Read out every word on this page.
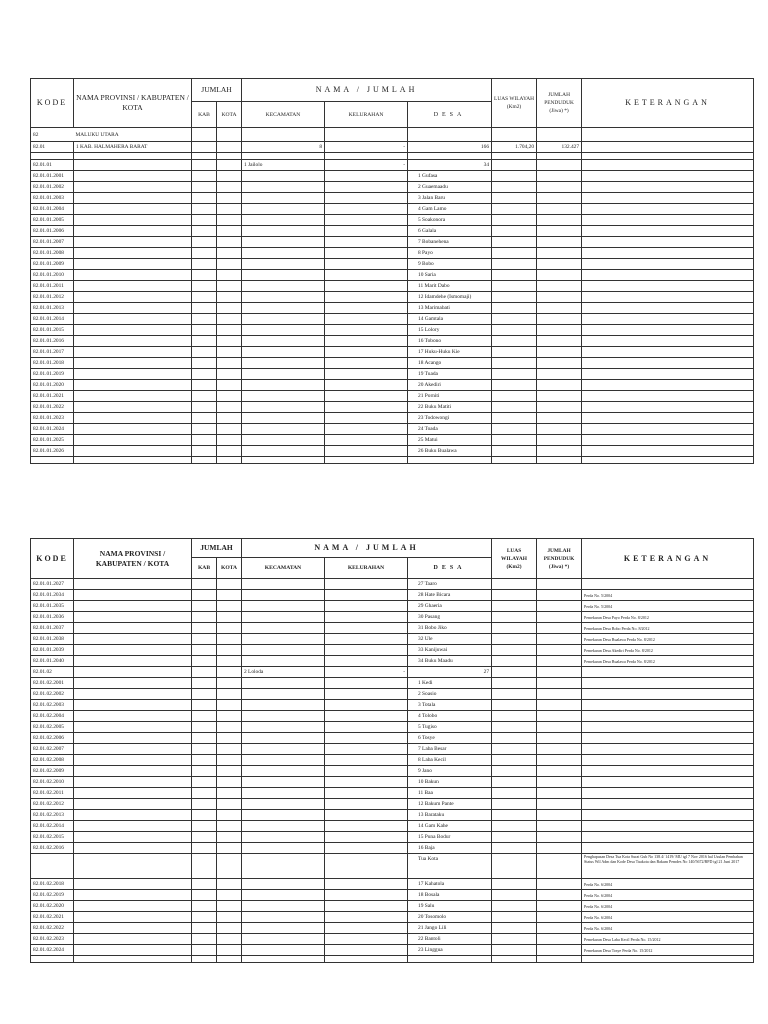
KODE	NAMA PROVINSI / KABUPATEN / KOTA	JUMLAH		NAMA / JUMLAH			LUAS WILAYAH (Km2)	JUMLAH PENDUDUK (Jiwa) *)	KETERANGAN
		KAB	KOTA	KECAMATAN	KELURAHAN	DESA			
82	MALUKU UTARA								
82.01	1 KAB. HALMAHERA BARAT			8	-	166	1.704,20	132.427	

82.01.01				1 Jailolo	-	34			
82.01.01.2001						1 Gufasa			
82.01.01.2002						2 Guaemaadu			
82.01.01.2003						3 Jalan Baru			
82.01.01.2004						4 Gam Lamo			
82.01.01.2005						5 Soakonora			
82.01.01.2006						6 Galala			
82.01.01.2007						7 Bobanehena			
82.01.01.2008						8 Payo			
82.01.01.2009						9 Bobo			
82.01.01.2010						10 Saria			
82.01.01.2011						11 Marit Dabo			
82.01.01.2012						12 Idamdehe (Ismomaji)			
82.01.01.2013						13 Marimabati			
82.01.01.2014						14 Gamtala			
82.01.01.2015						15 Lolory			
82.01.01.2016						16 Tobono			
82.01.01.2017						17 Huku-Huku Kie			
82.01.01.2018						18 Acango			
82.01.01.2019						19 Tuada			
82.01.01.2020						20 Akediri			
82.01.01.2021						21 Porniti			
82.01.01.2022						22 Buku Matiti			
82.01.01.2023						23 Todowongi			
82.01.01.2024						24 Toada			
82.01.01.2025						25 Matui			
82.01.01.2026						26 Buku Bualawa			

KODE	NAMA PROVINSI / KABUPATEN / KOTA	JUMLAH		NAMA / JUMLAH			LUAS WILAYAH (Km2)	JUMLAH PENDUDUK (Jiwa) *)	KETERANGAN
		KAB	KOTA	KECAMATAN	KELURAHAN	DESA			
82.01.01.2027						27 Taaro			
82.01.01.2034						28 Hate Bicara			Perda No. 5/2004
82.01.01.2035						29 Ghaeria			Perda No. 5/2004
82.01.01.2036						30 Pasang			Pemekaran Desa Payo Perda No. 8/2012
82.01.01.2037						31 Bobo Jiko			Pemekaran Desa Bobo Perda No. 8/2012
82.01.01.2038						32 Ule			Pemekaran Desa Bualawa Perda No. 8/2012
82.01.01.2039						33 Kanijuwai			Pemekaran Desa Akediri Perda No. 8/2012
82.01.01.2040						34 Buku Maadu			Pemekaran Desa Bualawa Perda No. 8/2012
82.01.02				2 Loloda	-	27			
82.01.02.2001						1 Kedi			
82.01.02.2002						2 Soasio			
82.01.02.2003						3 Totala			
82.01.02.2004						4 Tolobo			
82.01.02.2005						5 Tugiso			
82.01.02.2006						6 Tosye			
82.01.02.2007						7 Laba Besar			
82.01.02.2008						8 Laba Kecil			
82.01.02.2009						9 Jano			
82.01.02.2010						10 Bakun			
82.01.02.2011						11 Baa			
82.01.02.2012						12 Bakum Pante			
82.01.02.2013						13 Barataku			
82.01.02.2014						14 Gam Kahe			
82.01.02.2015						15 Puna Bodur			
82.01.02.2016						16 Baja			
						Tua Kota			Penghapusan Desa Tua Kota Surat Gub No 138.4/ 1419/ MU tgl 7 Nov 2016 hal Usulan Pembahan Status Wil Adm dan Kode Desa Tuakota dan Bakum Pemdes No 140/5672/BPD tgl 21 Juni 2017
82.01.02.2018						17 Kahatola			Perda No. 6/2004
82.01.02.2019						18 Bosala			Perda No. 6/2004
82.01.02.2020						19 Salu			Perda No. 6/2004
82.01.02.2021						20 Tosomolo			Perda No. 6/2004
82.01.02.2022						21 Jango Lili			Perda No. 6/2004
82.01.02.2023						22 Bantoli			Pemekaran Desa Laba Kecil Perda No. 15/2012
82.01.02.2024						23 Linggua			Pemekaran Desa Tosye Perda No. 15/2012
